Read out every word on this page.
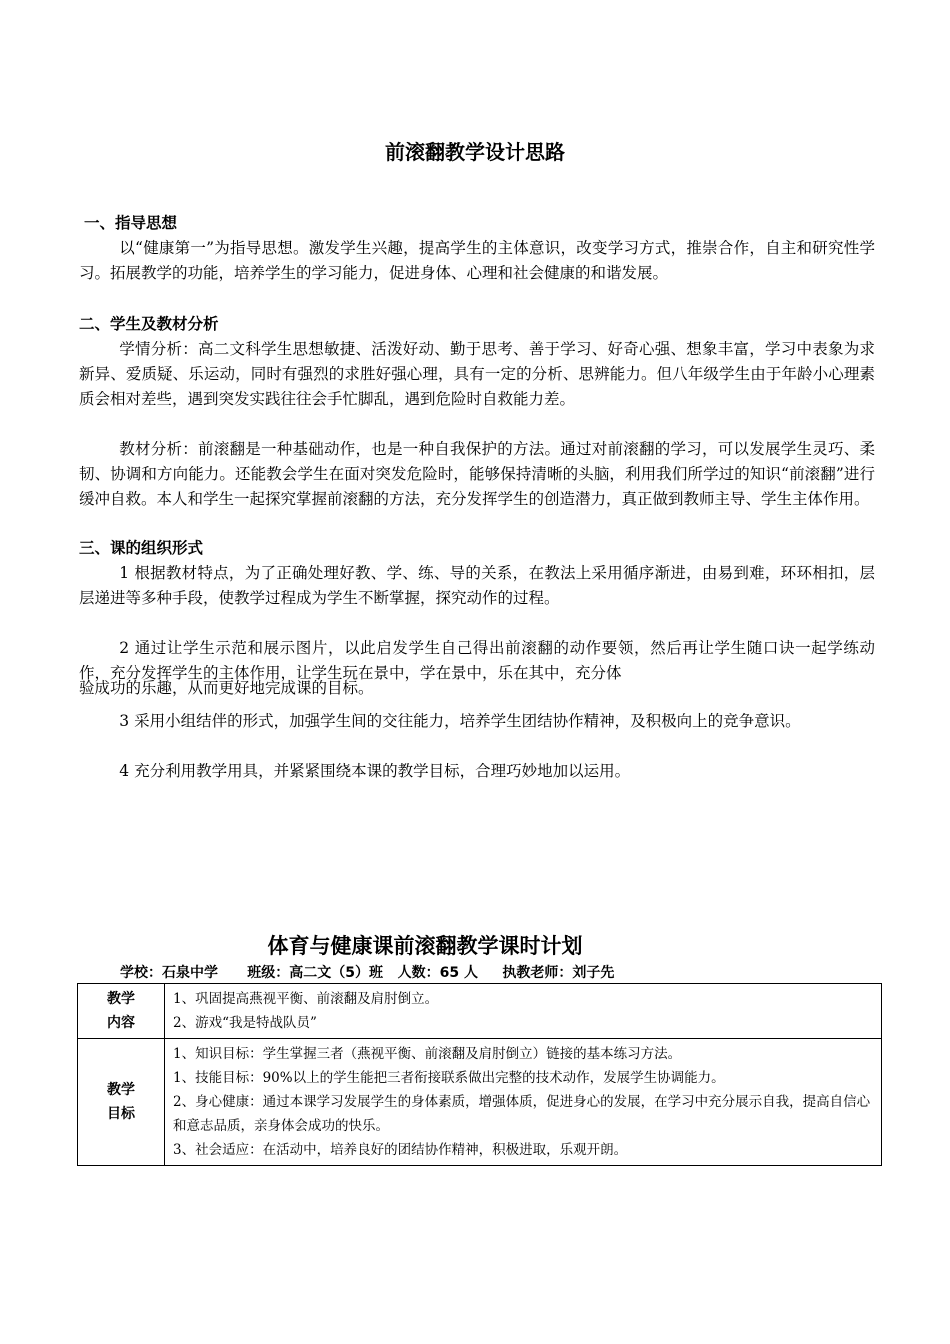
前滚翻教学设计思路
一、指导思想
以“健康第一”为指导思想。激发学生兴趣，提高学生的主体意识，改变学习方式，推崇合作，自主和研究性学习。拓展教学的功能，培养学生的学习能力，促进身体、心理和社会健康的和谐发展。
二、学生及教材分析
学情分析：高二文科学生思想敏捷、活泼好动、勤于思考、善于学习、好奇心强、想象丰富，学习中表象为求新异、爱质疑、乐运动，同时有强烈的求胜好强心理，具有一定的分析、思辨能力。但八年级学生由于年龄小心理素质会相对差些，遇到突发实践往往会手忙脚乱，遇到危险时自救能力差。
教材分析：前滚翻是一种基础动作，也是一种自我保护的方法。通过对前滚翻的学习，可以发展学生灵巧、柔韧、协调和方向能力。还能教会学生在面对突发危险时，能够保持清晰的头脑，利用我们所学过的知识“前滚翻”进行缓冲自救。本人和学生一起探究掌握前滚翻的方法，充分发挥学生的创造潜力，真正做到教师主导、学生主体作用。
三、课的组织形式
1 根据教材特点，为了正确处理好教、学、练、导的关系，在教法上采用循序渐进，由易到难，环环相扣，层层递进等多种手段，使教学过程成为学生不断掌握，探究动作的过程。
2 通过让学生示范和展示图片，以此启发学生自己得出前滚翻的动作要领，然后再让学生随口诀一起学练动作，充分发挥学生的主体作用，让学生玩在景中，学在景中，乐在其中，充分体
验成功的乐趣，从而更好地完成课的目标。
3 采用小组结伴的形式，加强学生间的交往能力，培养学生团结协作精神，及积极向上的竞争意识。
4 充分利用教学用具，并紧紧围绕本课的教学目标，合理巧妙地加以运用。
体育与健康课前滚翻教学课时计划
学校：石泉中学      班级：高二文（5）班   人数：65 人     执教老师：刘子先
教学
内容	1、巩固提高燕视平衡、前滚翻及肩肘倒立。
2、游戏“我是特战队员”

教学
目标	1、知识目标：学生掌握三者（燕视平衡、前滚翻及肩肘倒立）链接的基本练习方法。
1、技能目标：90%以上的学生能把三者衔接联系做出完整的技术动作，发展学生协调能力。
2、身心健康：通过本课学习发展学生的身体素质，增强体质，促进身心的发展，在学习中充分展示自我，提高自信心和意志品质，亲身体会成功的快乐。
3、社会适应：在活动中，培养良好的团结协作精神，积极进取，乐观开朗。
